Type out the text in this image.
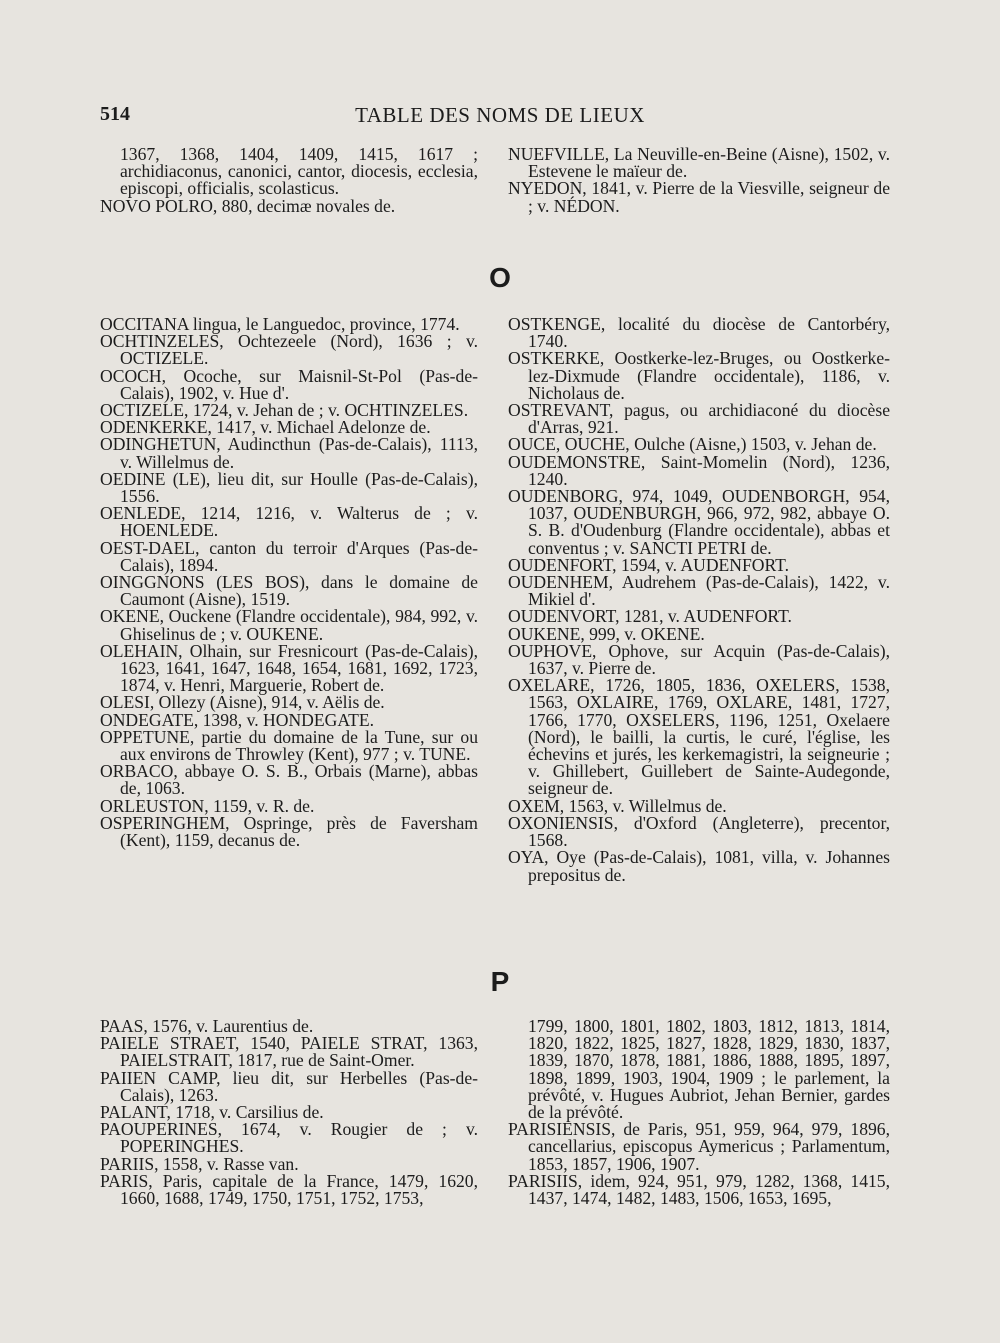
514	TABLE DES NOMS DE LIEUX

1367, 1368, 1404, 1409, 1415, 1617 ; archidiaconus, canonici, cantor, diocesis, ecclesia, episcopi, officialis, scolasticus.

NOVO POLRO, 880, decimæ novales de.

NUEFVILLE, La Neuville-en-Beine (Aisne), 1502, v. Estevene le maïeur de.

NYEDON, 1841, v. Pierre de la Viesville, seigneur de ; v. NÉDON.

O

OCCITANA lingua, le Languedoc, province, 1774.

OCHTINZELES, Ochtezeele (Nord), 1636 ; v. OCTIZELE.

OCOCH, Ocoche, sur Maisnil-St-Pol (Pas-de-Calais), 1902, v. Hue d'.

OCTIZELE, 1724, v. Jehan de ; v. OCHTINZELES.

ODENKERKE, 1417, v. Michael Adelonze de.

ODINGHETUN, Audincthun (Pas-de-Calais), 1113, v. Willelmus de.

OEDINE (LE), lieu dit, sur Houlle (Pas-de-Calais), 1556.

OENLEDE, 1214, 1216, v. Walterus de ; v. HOENLEDE.

OEST-DAEL, canton du terroir d'Arques (Pas-de-Calais), 1894.

OINGGNONS (LES BOS), dans le domaine de Caumont (Aisne), 1519.

OKENE, Ouckene (Flandre occidentale), 984, 992, v. Ghiselinus de ; v. OUKENE.

OLEHAIN, Olhain, sur Fresnicourt (Pas-de-Calais), 1623, 1641, 1647, 1648, 1654, 1681, 1692, 1723, 1874, v. Henri, Marguerie, Robert de.

OLESI, Ollezy (Aisne), 914, v. Aëlis de.

ONDEGATE, 1398, v. HONDEGATE.

OPPETUNE, partie du domaine de la Tune, sur ou aux environs de Throwley (Kent), 977 ; v. TUNE.

ORBACO, abbaye O. S. B., Orbais (Marne), abbas de, 1063.

ORLEUSTON, 1159, v. R. de.

OSPERINGHEM, Ospringe, près de Faversham (Kent), 1159, decanus de.

OSTKENGE, localité du diocèse de Cantorbéry, 1740.

OSTKERKE, Oostkerke-lez-Bruges, ou Oostkerke-lez-Dixmude (Flandre occidentale), 1186, v. Nicholaus de.

OSTREVANT, pagus, ou archidiaconé du diocèse d'Arras, 921.

OUCE, OUCHE, Oulche (Aisne,) 1503, v. Jehan de.

OUDEMONSTRE, Saint-Momelin (Nord), 1236, 1240.

OUDENBORG, 974, 1049, OUDENBORGH, 954, 1037, OUDENBURGH, 966, 972, 982, abbaye O. S. B. d'Oudenburg (Flandre occidentale), abbas et conventus ; v. SANCTI PETRI de.

OUDENFORT, 1594, v. AUDENFORT.

OUDENHEM, Audrehem (Pas-de-Calais), 1422, v. Mikiel d'.

OUDENVORT, 1281, v. AUDENFORT.

OUKENE, 999, v. OKENE.

OUPHOVE, Ophove, sur Acquin (Pas-de-Calais), 1637, v. Pierre de.

OXELARE, 1726, 1805, 1836, OXELERS, 1538, 1563, OXLAIRE, 1769, OXLARE, 1481, 1727, 1766, 1770, OXSELERS, 1196, 1251, Oxelaere (Nord), le bailli, la curtis, le curé, l'église, les échevins et jurés, les kerkemagistri, la seigneurie ; v. Ghillebert, Guillebert de Sainte-Audegonde, seigneur de.

OXEM, 1563, v. Willelmus de.

OXONIENSIS, d'Oxford (Angleterre), precentor, 1568.

OYA, Oye (Pas-de-Calais), 1081, villa, v. Johannes prepositus de.

P

PAAS, 1576, v. Laurentius de.

PAIELE STRAET, 1540, PAIELE STRAT, 1363, PAIELSTRAIT, 1817, rue de Saint-Omer.

PAIIEN CAMP, lieu dit, sur Herbelles (Pas-de-Calais), 1263.

PALANT, 1718, v. Carsilius de.

PAOUPERINES, 1674, v. Rougier de ; v. POPERINGHES.

PARIIS, 1558, v. Rasse van.

PARIS, Paris, capitale de la France, 1479, 1620, 1660, 1688, 1749, 1750, 1751, 1752, 1753,

1799, 1800, 1801, 1802, 1803, 1812, 1813, 1814, 1820, 1822, 1825, 1827, 1828, 1829, 1830, 1837, 1839, 1870, 1878, 1881, 1886, 1888, 1895, 1897, 1898, 1899, 1903, 1904, 1909 ; le parlement, la prévôté, v. Hugues Aubriot, Jehan Bernier, gardes de la prévôté.

PARISIENSIS, de Paris, 951, 959, 964, 979, 1896, cancellarius, episcopus Aymericus ; Parlamentum, 1853, 1857, 1906, 1907.

PARISIIS, idem, 924, 951, 979, 1282, 1368, 1415, 1437, 1474, 1482, 1483, 1506, 1653, 1695,
